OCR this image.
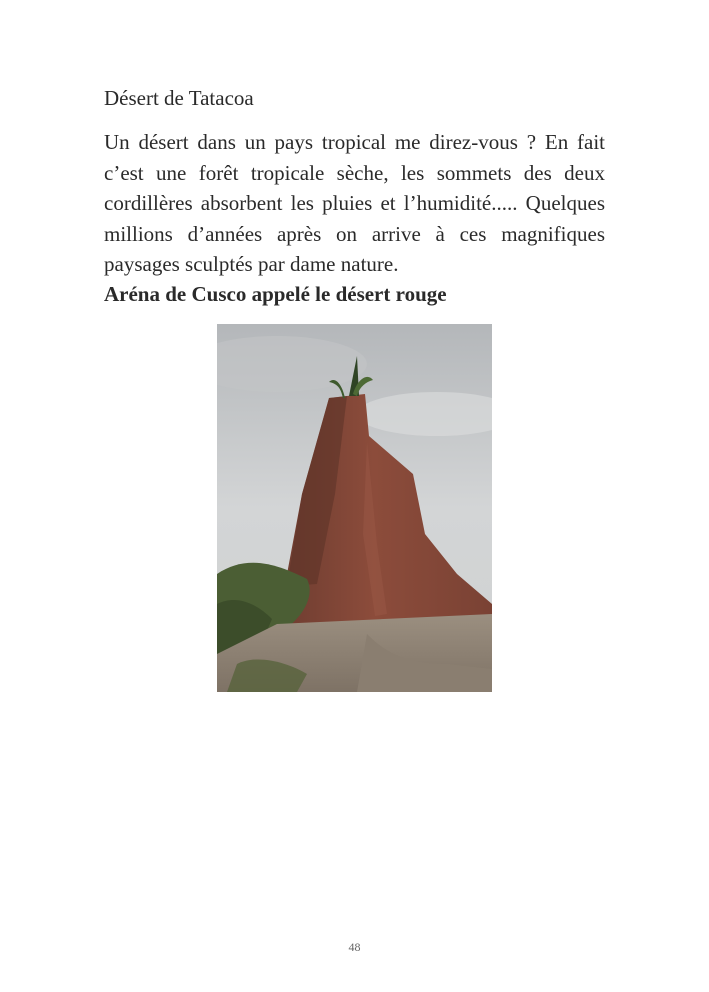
Désert de Tatacoa

Un désert dans un pays tropical me direz-vous ? En fait c’est une forêt tropicale sèche, les sommets des deux cordillères absorbent les pluies et l’humidité..... Quelques millions d’années après on arrive à ces magnifiques paysages sculptés par dame nature.

Aréna de Cusco appelé le désert rouge
48
